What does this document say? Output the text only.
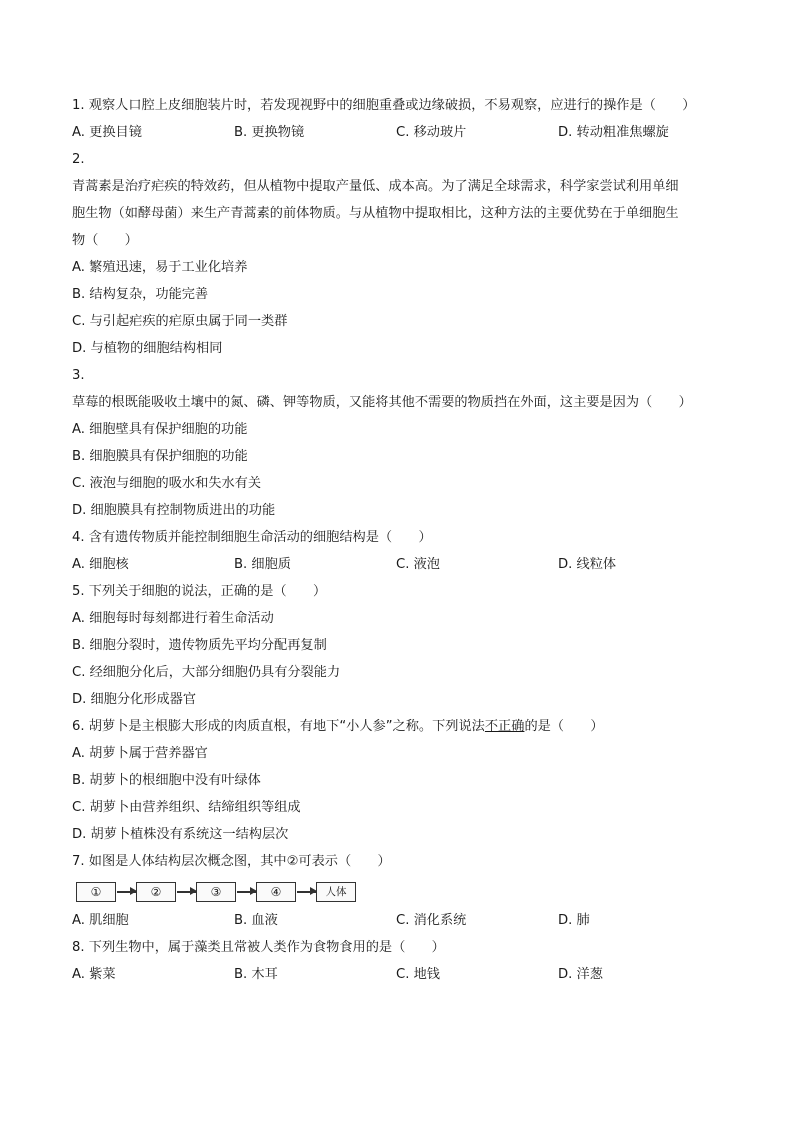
1. 观察人口腔上皮细胞装片时，若发现视野中的细胞重叠或边缘破损，不易观察，应进行的操作是（　　）
A. 更换目镜	B. 更换物镜	C. 移动玻片	D. 转动粗准焦螺旋
2.
青蒿素是治疗疟疾的特效药，但从植物中提取产量低、成本高。为了满足全球需求，科学家尝试利用单细
胞生物（如酵母菌）来生产青蒿素的前体物质。与从植物中提取相比，这种方法的主要优势在于单细胞生
物（　　）
A. 繁殖迅速，易于工业化培养
B. 结构复杂，功能完善
C. 与引起疟疾的疟原虫属于同一类群
D. 与植物的细胞结构相同
3.
草莓的根既能吸收土壤中的氮、磷、钾等物质，又能将其他不需要的物质挡在外面，这主要是因为（　　）
A. 细胞壁具有保护细胞的功能
B. 细胞膜具有保护细胞的功能
C. 液泡与细胞的吸水和失水有关
D. 细胞膜具有控制物质进出的功能
4. 含有遗传物质并能控制细胞生命活动的细胞结构是（　　）
A. 细胞核	B. 细胞质	C. 液泡	D. 线粒体
5. 下列关于细胞的说法，正确的是（　　）
A. 细胞每时每刻都进行着生命活动
B. 细胞分裂时，遗传物质先平均分配再复制
C. 经细胞分化后，大部分细胞仍具有分裂能力
D. 细胞分化形成器官
6. 胡萝卜是主根膨大形成的肉质直根，有地下“小人参”之称。下列说法不正确的是（　　）
A. 胡萝卜属于营养器官
B. 胡萝卜的根细胞中没有叶绿体
C. 胡萝卜由营养组织、结缔组织等组成
D. 胡萝卜植株没有系统这一结构层次
7. 如图是人体结构层次概念图，其中②可表示（　　）
①	②	③	④	人体
A. 肌细胞	B. 血液	C. 消化系统	D. 肺
8. 下列生物中，属于藻类且常被人类作为食物食用的是（　　）
A. 紫菜	B. 木耳	C. 地钱	D. 洋葱
